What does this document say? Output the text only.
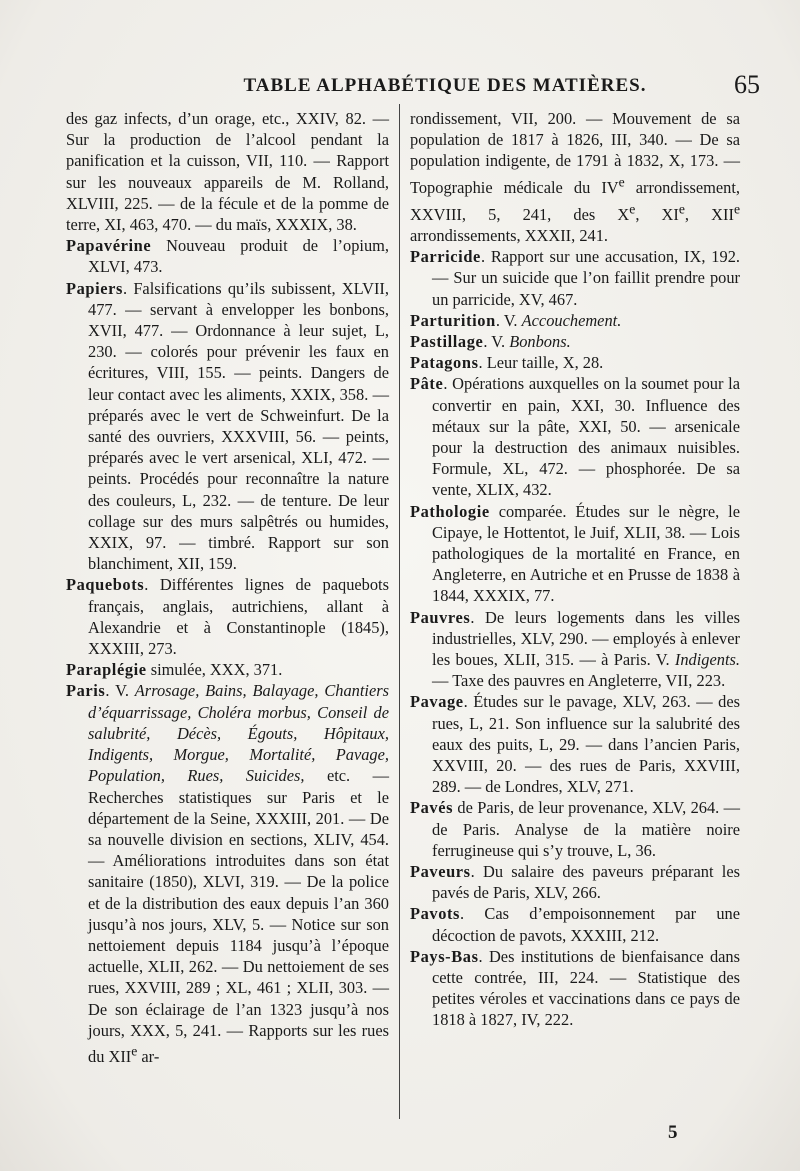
TABLE ALPHABÉTIQUE DES MATIÈRES.	65

des gaz infects, d’un orage, etc., XXIV, 82. — Sur la production de l’alcool pendant la panification et la cuisson, VII, 110. — Rapport sur les nouveaux appareils de M. Rolland, XLVIII, 225. — de la fécule et de la pomme de terre, XI, 463, 470. — du maïs, XXXIX, 38.

Papavérine Nouveau produit de l’opium, XLVI, 473.

Papiers. Falsifications qu’ils subissent, XLVII, 477. — servant à envelopper les bonbons, XVII, 477. — Ordonnance à leur sujet, L, 230. — colorés pour prévenir les faux en écritures, VIII, 155. — peints. Dangers de leur contact avec les aliments, XXIX, 358. — préparés avec le vert de Schweinfurt. De la santé des ouvriers, XXXVIII, 56. — peints, préparés avec le vert arsenical, XLI, 472. — peints. Procédés pour reconnaître la nature des couleurs, L, 232. — de tenture. De leur collage sur des murs salpêtrés ou humides, XXIX, 97. — timbré. Rapport sur son blanchiment, XII, 159.

Paquebots. Différentes lignes de paquebots français, anglais, autrichiens, allant à Alexandrie et à Constantinople (1845), XXXIII, 273.

Paraplégie simulée, XXX, 371.

Paris. V. Arrosage, Bains, Balayage, Chantiers d’équarrissage, Choléra morbus, Conseil de salubrité, Décès, Égouts, Hôpitaux, Indigents, Morgue, Mortalité, Pavage, Population, Rues, Suicides, etc. — Recherches statistiques sur Paris et le département de la Seine, XXXIII, 201. — De sa nouvelle division en sections, XLIV, 454. — Améliorations introduites dans son état sanitaire (1850), XLVI, 319. — De la police et de la distribution des eaux depuis l’an 360 jusqu’à nos jours, XLV, 5. — Notice sur son nettoiement depuis 1184 jusqu’à l’époque actuelle, XLII, 262. — Du nettoiement de ses rues, XXVIII, 289 ; XL, 461 ; XLII, 303. — De son éclairage de l’an 1323 jusqu’à nos jours, XXX, 5, 241. — Rapports sur les rues du XIIe ar-

rondissement, VII, 200. — Mouvement de sa population de 1817 à 1826, III, 340. — De sa population indigente, de 1791 à 1832, X, 173. — Topographie médicale du IVe arrondissement, XXVIII, 5, 241, des Xe, XIe, XIIe arrondissements, XXXII, 241.

Parricide. Rapport sur une accusation, IX, 192. — Sur un suicide que l’on faillit prendre pour un parricide, XV, 467.

Parturition. V. Accouchement.

Pastillage. V. Bonbons.

Patagons. Leur taille, X, 28.

Pâte. Opérations auxquelles on la soumet pour la convertir en pain, XXI, 30. Influence des métaux sur la pâte, XXI, 50. — arsenicale pour la destruction des animaux nuisibles. Formule, XL, 472. — phosphorée. De sa vente, XLIX, 432.

Pathologie comparée. Études sur le nègre, le Cipaye, le Hottentot, le Juif, XLII, 38. — Lois pathologiques de la mortalité en France, en Angleterre, en Autriche et en Prusse de 1838 à 1844, XXXIX, 77.

Pauvres. De leurs logements dans les villes industrielles, XLV, 290. — employés à enlever les boues, XLII, 315. — à Paris. V. Indigents. — Taxe des pauvres en Angleterre, VII, 223.

Pavage. Études sur le pavage, XLV, 263. — des rues, L, 21. Son influence sur la salubrité des eaux des puits, L, 29. — dans l’ancien Paris, XXVIII, 20. — des rues de Paris, XXVIII, 289. — de Londres, XLV, 271.

Pavés de Paris, de leur provenance, XLV, 264. — de Paris. Analyse de la matière noire ferrugineuse qui s’y trouve, L, 36.

Paveurs. Du salaire des paveurs préparant les pavés de Paris, XLV, 266.

Pavots. Cas d’empoisonnement par une décoction de pavots, XXXIII, 212.

Pays-Bas. Des institutions de bienfaisance dans cette contrée, III, 224. — Statistique des petites véroles et vaccinations dans ce pays de 1818 à 1827, IV, 222.

5
